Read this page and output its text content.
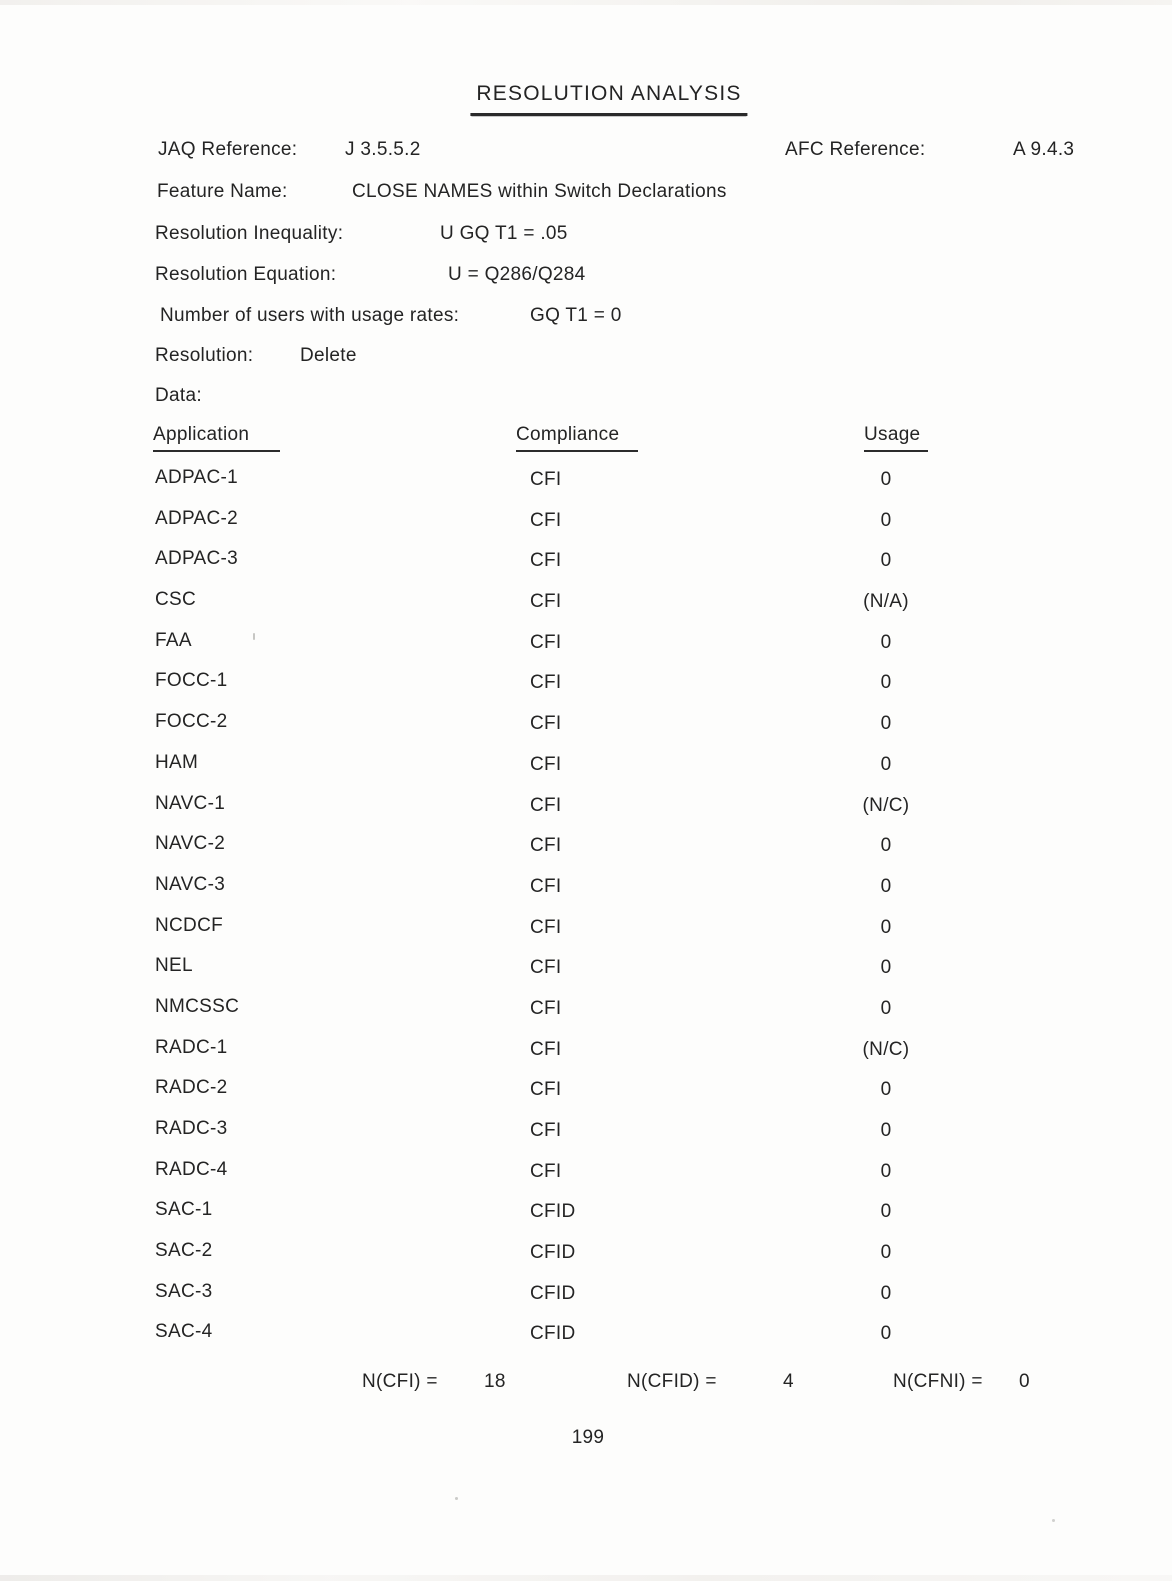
RESOLUTION ANALYSIS
JAQ Reference:	J 3.5.5.2	AFC Reference:	A 9.4.3
Feature Name:	CLOSE NAMES within Switch Declarations
Resolution Inequality:	U GQ T1 = .05
Resolution Equation:	U = Q286/Q284
Number of users with usage rates:	GQ T1 = 0
Resolution: Delete
Data:
Application	Compliance	Usage
ADPAC-1	CFI	0
ADPAC-2	CFI	0
ADPAC-3	CFI	0
CSC	CFI	(N/A)
FAA	CFI	0
FOCC-1	CFI	0
FOCC-2	CFI	0
HAM	CFI	0
NAVC-1	CFI	(N/C)
NAVC-2	CFI	0
NAVC-3	CFI	0
NCDCF	CFI	0
NEL	CFI	0
NMCSSC	CFI	0
RADC-1	CFI	(N/C)
RADC-2	CFI	0
RADC-3	CFI	0
RADC-4	CFI	0
SAC-1	CFID	0
SAC-2	CFID	0
SAC-3	CFID	0
SAC-4	CFID	0
N(CFI) = 18	N(CFID) =	4	N(CFNI) = 0
199
